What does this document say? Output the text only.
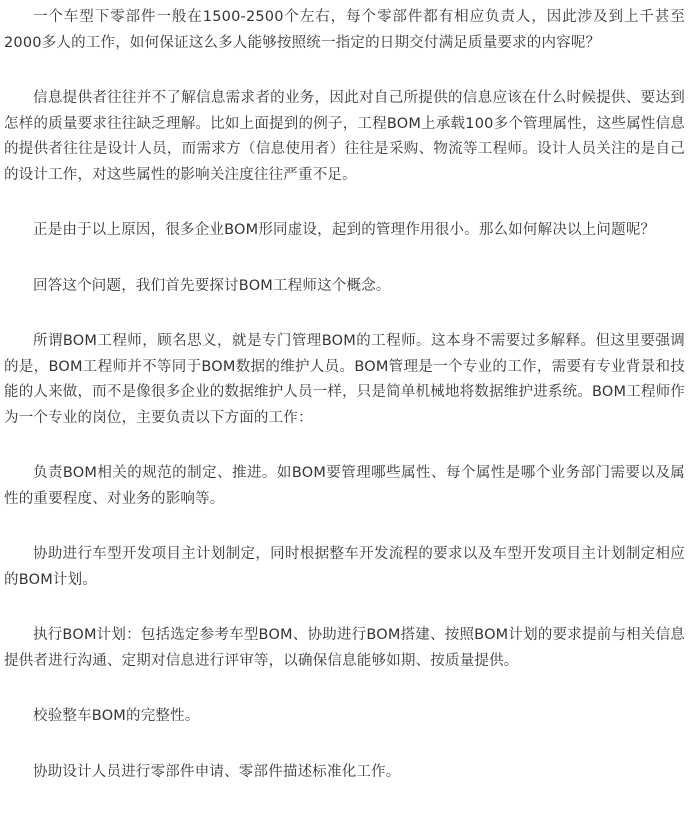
一个车型下零部件一般在1500-2500个左右，每个零部件都有相应负责人，因此涉及到上千甚至2000多人的工作，如何保证这么多人能够按照统一指定的日期交付满足质量要求的内容呢？

信息提供者往往并不了解信息需求者的业务，因此对自己所提供的信息应该在什么时候提供、要达到怎样的质量要求往往缺乏理解。比如上面提到的例子，工程BOM上承载100多个管理属性，这些属性信息的提供者往往是设计人员，而需求方（信息使用者）往往是采购、物流等工程师。设计人员关注的是自己的设计工作，对这些属性的影响关注度往往严重不足。

正是由于以上原因，很多企业BOM形同虚设，起到的管理作用很小。那么如何解决以上问题呢？

回答这个问题，我们首先要探讨BOM工程师这个概念。

所谓BOM工程师，顾名思义，就是专门管理BOM的工程师。这本身不需要过多解释。但这里要强调的是，BOM工程师并不等同于BOM数据的维护人员。BOM管理是一个专业的工作，需要有专业背景和技能的人来做，而不是像很多企业的数据维护人员一样，只是简单机械地将数据维护进系统。BOM工程师作为一个专业的岗位，主要负责以下方面的工作：

负责BOM相关的规范的制定、推进。如BOM要管理哪些属性、每个属性是哪个业务部门需要以及属性的重要程度、对业务的影响等。

协助进行车型开发项目主计划制定，同时根据整车开发流程的要求以及车型开发项目主计划制定相应的BOM计划。

执行BOM计划：包括选定参考车型BOM、协助进行BOM搭建、按照BOM计划的要求提前与相关信息提供者进行沟通、定期对信息进行评审等，以确保信息能够如期、按质量提供。

校验整车BOM的完整性。

协助设计人员进行零部件申请、零部件描述标准化工作。
